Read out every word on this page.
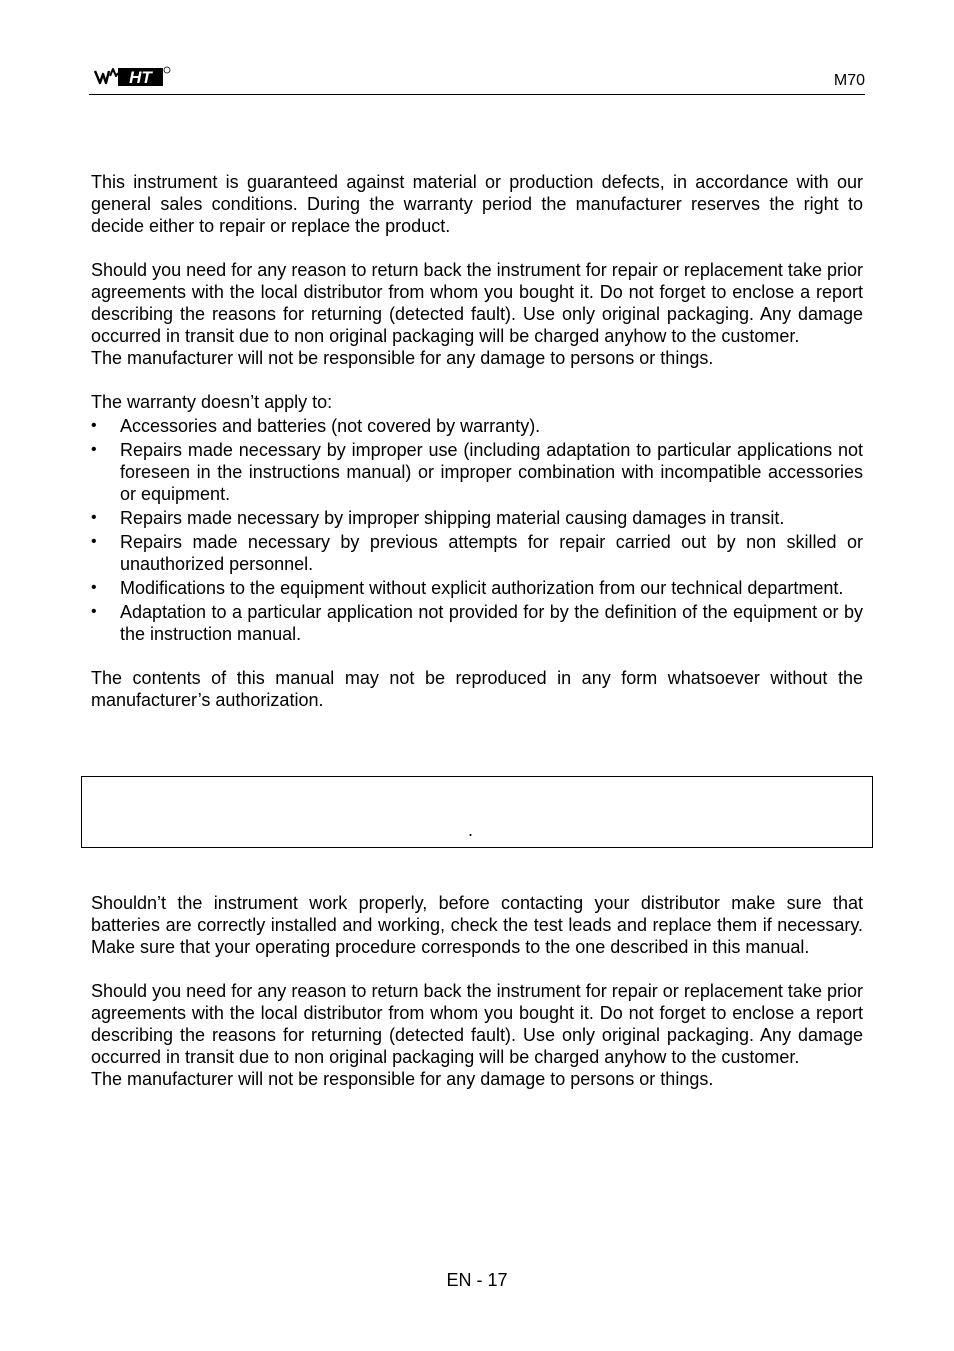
HT	M70

This instrument is guaranteed against material or production defects, in accordance with our general sales conditions. During the warranty period the manufacturer reserves the right to decide either to repair or replace the product.

Should you need for any reason to return back the instrument for repair or replacement take prior agreements with the local distributor from whom you bought it. Do not forget to enclose a report describing the reasons for returning (detected fault). Use only original packaging. Any damage occurred in transit due to non original packaging will be charged anyhow to the customer.

The manufacturer will not be responsible for any damage to persons or things.

The warranty doesn’t apply to:

• Accessories and batteries (not covered by warranty).
• Repairs made necessary by improper use (including adaptation to particular applications not foreseen in the instructions manual) or improper combination with incompatible accessories or equipment.
• Repairs made necessary by improper shipping material causing damages in transit.
• Repairs made necessary by previous attempts for repair carried out by non skilled or unauthorized personnel.
• Modifications to the equipment without explicit authorization from our technical department.
• Adaptation to a particular application not provided for by the definition of the equipment or by the instruction manual.

The contents of this manual may not be reproduced in any form whatsoever without the manufacturer’s authorization.

.

Shouldn’t the instrument work properly, before contacting your distributor make sure that batteries are correctly installed and working, check the test leads and replace them if necessary. Make sure that your operating procedure corresponds to the one described in this manual.

Should you need for any reason to return back the instrument for repair or replacement take prior agreements with the local distributor from whom you bought it. Do not forget to enclose a report describing the reasons for returning (detected fault). Use only original packaging. Any damage occurred in transit due to non original packaging will be charged anyhow to the customer.

The manufacturer will not be responsible for any damage to persons or things.

EN - 17
